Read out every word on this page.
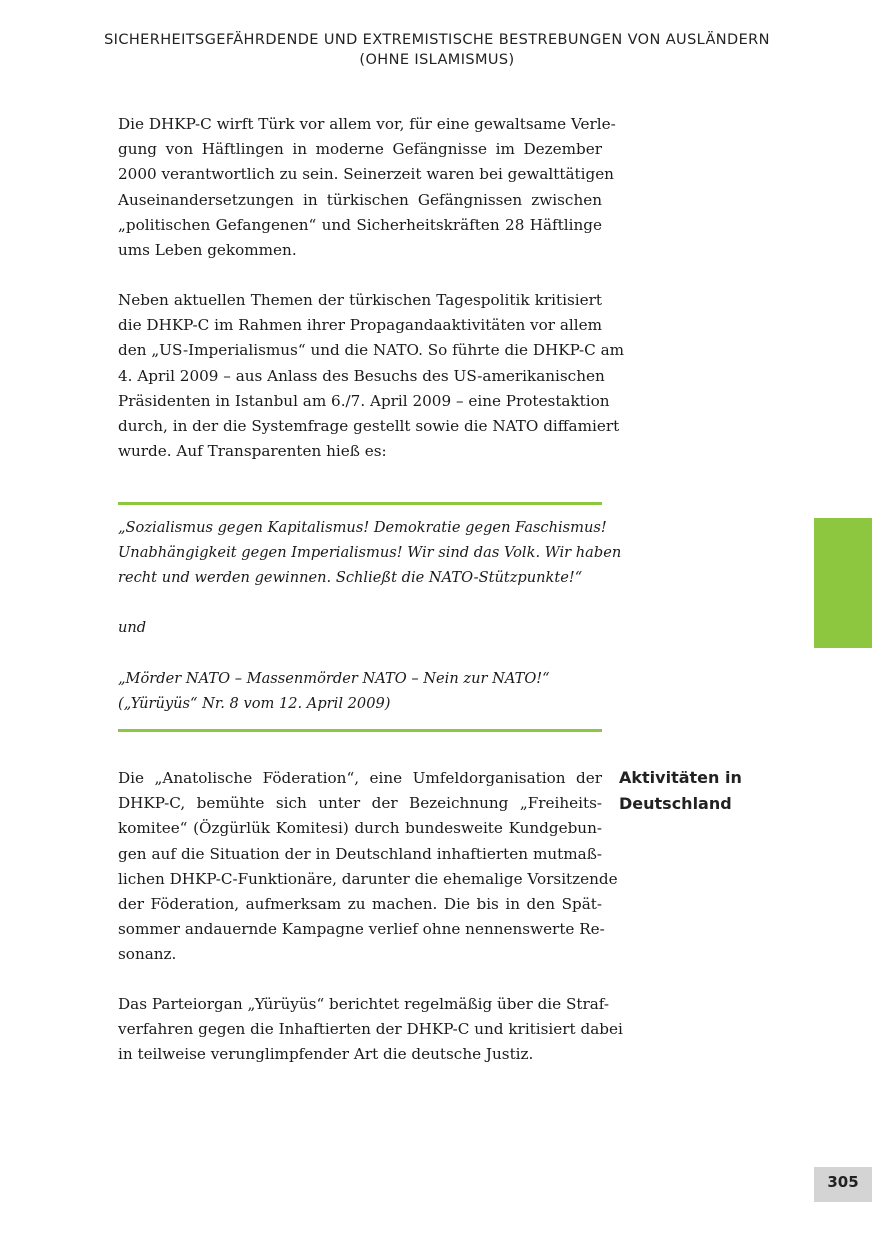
SICHERHEITSGEFÄHRDENDE UND EXTREMISTISCHE BESTREBUNGEN VON AUSLÄNDERN
(OHNE ISLAMISMUS)

Die DHKP-C wirft Türk vor allem vor, für eine gewaltsame Verle-
gung von Häftlingen in moderne Gefängnisse im Dezember
2000 verantwortlich zu sein. Seinerzeit waren bei gewalttätigen
Auseinandersetzungen in türkischen Gefängnissen zwischen
„politischen Gefangenen“ und Sicherheitskräften 28 Häftlinge
ums Leben gekommen.

Neben aktuellen Themen der türkischen Tagespolitik kritisiert
die DHKP-C im Rahmen ihrer Propagandaaktivitäten vor allem
den „US-Imperialismus“ und die NATO. So führte die DHKP-C am
4. April 2009 – aus Anlass des Besuchs des US-amerikanischen
Präsidenten in Istanbul am 6./7. April 2009 – eine Protestaktion
durch, in der die Systemfrage gestellt sowie die NATO diffamiert
wurde. Auf Transparenten hieß es:

„Sozialismus gegen Kapitalismus! Demokratie gegen Faschismus!
Unabhängigkeit gegen Imperialismus! Wir sind das Volk. Wir haben
recht und werden gewinnen. Schließt die NATO-Stützpunkte!“
und
„Mörder NATO – Massenmörder NATO – Nein zur NATO!“
(„Yürüyüs“ Nr. 8 vom 12. April 2009)
Aktivitäten in
Deutschland

Die „Anatolische Föderation“, eine Umfeldorganisation der
DHKP-C, bemühte sich unter der Bezeichnung „Freiheits-
komitee“ (Özgürlük Komitesi) durch bundesweite Kundgebun-
gen auf die Situation der in Deutschland inhaftierten mutmaß-
lichen DHKP-C-Funktionäre, darunter die ehemalige Vorsitzende
der Föderation, aufmerksam zu machen. Die bis in den Spät-
sommer andauernde Kampagne verlief ohne nennenswerte Re-
sonanz.

Das Parteiorgan „Yürüyüs“ berichtet regelmäßig über die Straf-
verfahren gegen die Inhaftierten der DHKP-C und kritisiert dabei
in teilweise verunglimpfender Art die deutsche Justiz.

305
